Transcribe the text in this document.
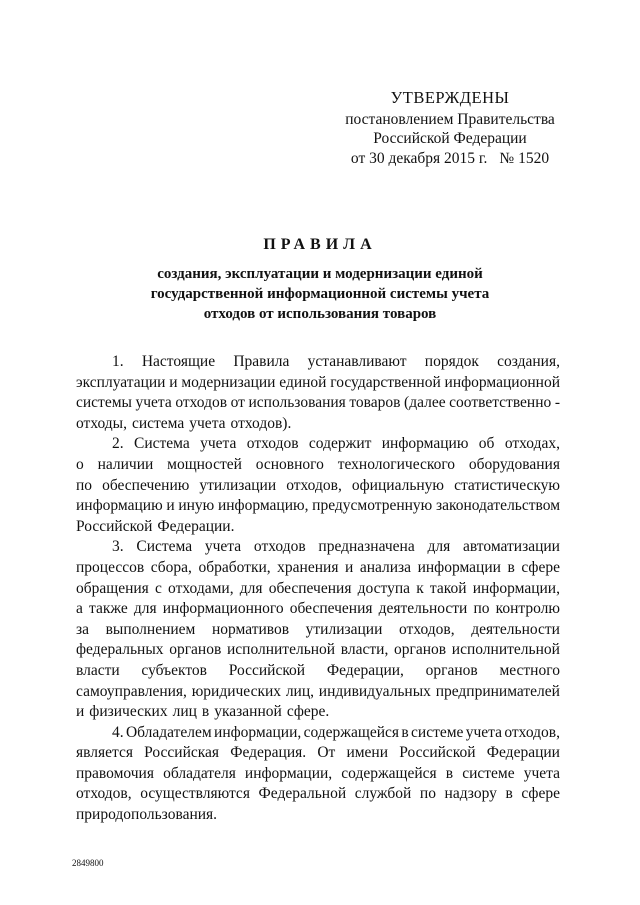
УТВЕРЖДЕНЫ
постановлением Правительства
Российской Федерации
от 30 декабря 2015 г. № 1520
ПРАВИЛА
создания, эксплуатации и модернизации единой
государственной информационной системы учета
отходов от использования товаров
1. Настоящие Правила устанавливают порядок создания,
эксплуатации и модернизации единой государственной информационной
системы учета отходов от использования товаров (далее соответственно -
отходы, система учета отходов).
2. Система учета отходов содержит информацию об отходах,
о наличии мощностей основного технологического оборудования
по обеспечению утилизации отходов, официальную статистическую
информацию и иную информацию, предусмотренную законодательством
Российской Федерации.
3. Система учета отходов предназначена для автоматизации
процессов сбора, обработки, хранения и анализа информации в сфере
обращения с отходами, для обеспечения доступа к такой информации,
а также для информационного обеспечения деятельности по контролю
за выполнением нормативов утилизации отходов, деятельности
федеральных органов исполнительной власти, органов исполнительной
власти субъектов Российской Федерации, органов местного
самоуправления, юридических лиц, индивидуальных предпринимателей
и физических лиц в указанной сфере.
4. Обладателем информации, содержащейся в системе учета отходов,
является Российская Федерация. От имени Российской Федерации
правомочия обладателя информации, содержащейся в системе учета
отходов, осуществляются Федеральной службой по надзору в сфере
природопользования.
2849800
